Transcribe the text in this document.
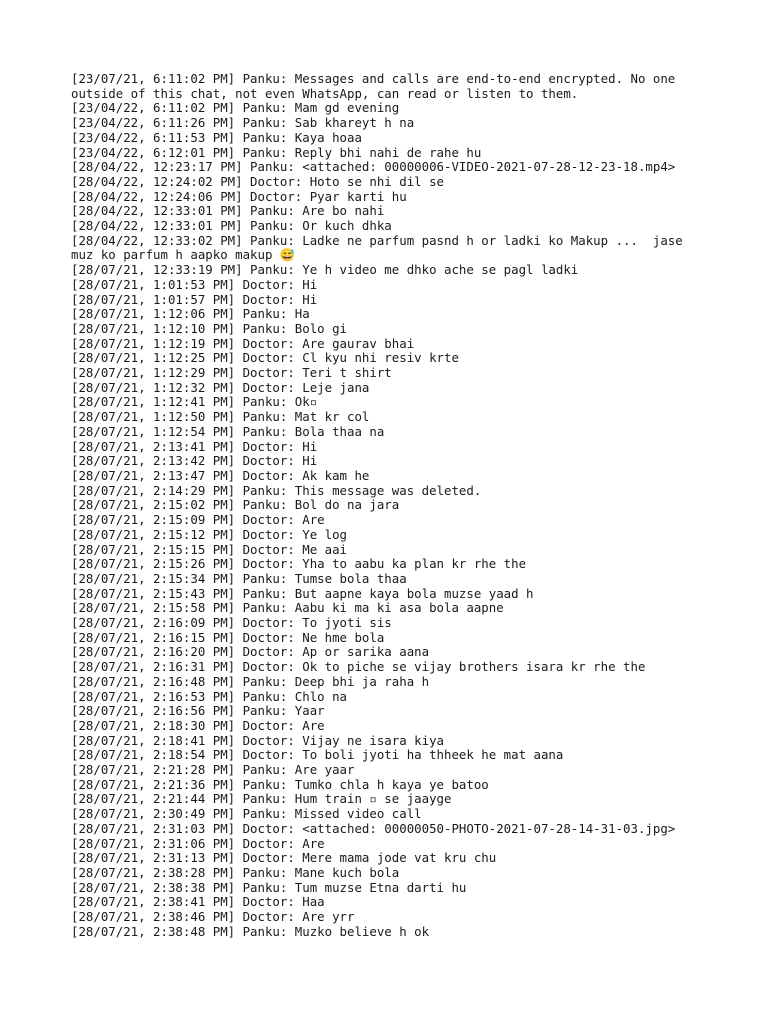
[23/07/21, 6:11:02 PM] Panku: Messages and calls are end-to-end encrypted. No one outside of this chat, not even WhatsApp, can read or listen to them.
[23/04/22, 6:11:02 PM] Panku: Mam gd evening
[23/04/22, 6:11:26 PM] Panku: Sab khareyt h na
[23/04/22, 6:11:53 PM] Panku: Kaya hoaa
[23/04/22, 6:12:01 PM] Panku: Reply bhi nahi de rahe hu
[28/04/22, 12:23:17 PM] Panku: <attached: 00000006-VIDEO-2021-07-28-12-23-18.mp4>
[28/04/22, 12:24:02 PM] Doctor: Hoto se nhi dil se
[28/04/22, 12:24:06 PM] Doctor: Pyar karti hu
[28/04/22, 12:33:01 PM] Panku: Are bo nahi
[28/04/22, 12:33:01 PM] Panku: Or kuch dhka
[28/04/22, 12:33:02 PM] Panku: Ladke ne parfum pasnd h or ladki ko Makup ...  jase muz ko parfum h aapko makup 😅
[28/07/21, 12:33:19 PM] Panku: Ye h video me dhko ache se pagl ladki
[28/07/21, 1:01:53 PM] Doctor: Hi
[28/07/21, 1:01:57 PM] Doctor: Hi
[28/07/21, 1:12:06 PM] Panku: Ha
[28/07/21, 1:12:10 PM] Panku: Bolo gi
[28/07/21, 1:12:19 PM] Doctor: Are gaurav bhai
[28/07/21, 1:12:25 PM] Doctor: Cl kyu nhi resiv krte
[28/07/21, 1:12:29 PM] Doctor: Teri t shirt
[28/07/21, 1:12:32 PM] Doctor: Leje jana
[28/07/21, 1:12:41 PM] Panku: Ok▫
[28/07/21, 1:12:50 PM] Panku: Mat kr col
[28/07/21, 1:12:54 PM] Panku: Bola thaa na
[28/07/21, 2:13:41 PM] Doctor: Hi
[28/07/21, 2:13:42 PM] Doctor: Hi
[28/07/21, 2:13:47 PM] Doctor: Ak kam he
[28/07/21, 2:14:29 PM] Panku: This message was deleted.
[28/07/21, 2:15:02 PM] Panku: Bol do na jara
[28/07/21, 2:15:09 PM] Doctor: Are
[28/07/21, 2:15:12 PM] Doctor: Ye log
[28/07/21, 2:15:15 PM] Doctor: Me aai
[28/07/21, 2:15:26 PM] Doctor: Yha to aabu ka plan kr rhe the
[28/07/21, 2:15:34 PM] Panku: Tumse bola thaa
[28/07/21, 2:15:43 PM] Panku: But aapne kaya bola muzse yaad h
[28/07/21, 2:15:58 PM] Panku: Aabu ki ma ki asa bola aapne
[28/07/21, 2:16:09 PM] Doctor: To jyoti sis
[28/07/21, 2:16:15 PM] Doctor: Ne hme bola
[28/07/21, 2:16:20 PM] Doctor: Ap or sarika aana
[28/07/21, 2:16:31 PM] Doctor: Ok to piche se vijay brothers isara kr rhe the
[28/07/21, 2:16:48 PM] Panku: Deep bhi ja raha h
[28/07/21, 2:16:53 PM] Panku: Chlo na
[28/07/21, 2:16:56 PM] Panku: Yaar
[28/07/21, 2:18:30 PM] Doctor: Are
[28/07/21, 2:18:41 PM] Doctor: Vijay ne isara kiya
[28/07/21, 2:18:54 PM] Doctor: To boli jyoti ha thheek he mat aana
[28/07/21, 2:21:28 PM] Panku: Are yaar
[28/07/21, 2:21:36 PM] Panku: Tumko chla h kaya ye batoo
[28/07/21, 2:21:44 PM] Panku: Hum train ▫ se jaayge
[28/07/21, 2:30:49 PM] Panku: Missed video call
[28/07/21, 2:31:03 PM] Doctor: <attached: 00000050-PHOTO-2021-07-28-14-31-03.jpg>
[28/07/21, 2:31:06 PM] Doctor: Are
[28/07/21, 2:31:13 PM] Doctor: Mere mama jode vat kru chu
[28/07/21, 2:38:28 PM] Panku: Mane kuch bola
[28/07/21, 2:38:38 PM] Panku: Tum muzse Etna darti hu
[28/07/21, 2:38:41 PM] Doctor: Haa
[28/07/21, 2:38:46 PM] Doctor: Are yrr
[28/07/21, 2:38:48 PM] Panku: Muzko believe h ok
